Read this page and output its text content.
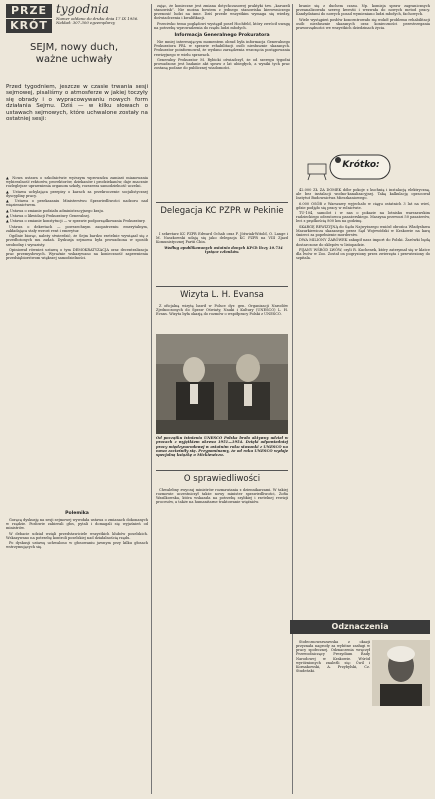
PRZE
KRÓT
tygodnia
Numer oddano do druku dnia 17 IX 1956. Nakład: 307.300 egzemplarzy
SEJM, nowy duch, ważne uchwały
Przed tygodniem, jeszcze w czasie trwania sesji sejmowej, pisaliśmy o atmosferze w jakiej toczyły się obrady i o wypracowywaniu nowych form działania Sejmu. Dziś — w kilku słowach o ustawach sejmowych, które uchwalone zostały na ostatniej sesji:

▲ Nowa ustawa o szkolnictwie wyższym wprowadza zamiast mianowania wybieralność rektorów, prorektorów, dziekanów i prodziekanów, daje znacznie rozleglejsze uprawnienia organom szkoły, rozszerza samodzielność uczelni.

▲ Ustawa uchylająca przepisy o karach za przekroczenie socjalistycznej dyscypliny pracy.

▲ Ustawa o przekazaniu Ministerstwu Sprawiedliwości nadzoru nad więziennictwem.

▲ Ustawa o zmianie podziału administracyjnego kraju.

▲ Ustawa o likwidacji Prokuratury Generalnej.

▲ Ustawa o zmianie konstytucji — w sprawie podporządkowania Prokuratury.

Ustawa o dekretach — powszechnym zaopatrzeniu emerytalnym, zakładająca stały wzrost rent i emerytur.

Ogólnie biorąc, należy stwierdzić, że Sejm bardzo rzetelnie wywiązał się z przedłożonych mu zadań. Dyskusja sejmowa była prowadzona w sposób swobodny i wyrazisty.

Opiniował również ustawę o tym DEMOKRATYZACJA oraz decentralizacja prac przemysłowych. Wyraźnie wskazywano na konieczność zapewnienia przedsiębiorstwom większej samodzielności.

Polemika

Gorącą dyskusję na sesji sejmowej wywołała ustawa o zmianach dokonanych w rządzie. Posłowie zabierali głos, pytali i domagali się wyjaśnień od ministrów.

W debacie udział wzięli przedstawiciele wszystkich klubów poselskich. Wskazywano na potrzebę kontroli poselskiej nad działalnością rządu.

Po dyskusji ustawę uchwalono w głosowaniu jawnym przy kilku głosach wstrzymujących się.

zając, że konieczne jest zmiana dotychczasowej praktyki tzw. „karuzeli stanowisk”. Nie można bowiem z jednego stanowiska kierowniczego przenosić ludzi na inne. Dziś przede wszystkim wymaga się wiedzy, doświadczenia i kwalifikacji.

Przeciwko temu poglądowi wystąpił poseł Hochfeld, który zwrócił uwagę na potrzebę wprowadzenia do rządu ludzi młodych.

Informacja Generalnego Prokuratora

Nie mniej interesującym momentem obrad była informacja Generalnego Prokuratora PRL w sprawie rehabilitacji osób niesłusznie skazanych. Prokurator poinformował, że wydano zarządzenia wszczęcia postępowania rewizyjnego w wielu sprawach.

Generalny Prokurator M. Rybicki oświadczył, że od szeregu tygodni prowadzone jest badanie akt spraw z lat ubiegłych, a wyniki tych prac zostaną podane do publicznej wiadomości.

Delegacja KC PZPR w Pekinie

I sekretarz KC PZPR Edward Ochab oraz F. Jóźwiak-Witold, O. Lange i M. Naszkowski udają się jako delegacja KC PZPR na VIII Zjazd Komunistycznej Partii Chin.

Według opublikowanych ostatnio danych KPCh liczy 10.734 tysiące członków.

Wizyta L. H. Evansa

Z oficjalną wizytą bawił w Polsce dyr. gen. Organizacji Narodów Zjednoczonych do Spraw Oświaty, Nauki i Kultury (UNESCO) L. H. Evans. Wizyta była okazją do rozmów o współpracy Polski z UNESCO.

Od początku istnienia UNESCO Polska brała aktywny udział w pracach z wyjątkiem okresu 1951—1954. Dzięki odpowiedniej pracy międzynarodowej w ostatnim roku stosunki z UNESCO na nowo zacieśniły się. Przypominamy, że od roku UNESCO wydaje specjalną książkę o Mickiewiczu.
O sprawiedliwości

Chwalebny zwyczaj ministrów rozmawiania z dziennikarzami. W takiej rozmowie uczestniczył także nowy minister sprawiedliwości, Zofia Wasilkowska, która wskazała na potrzebę szybkiej i rzetelnej rewizji procesów, a także na humanitarne traktowanie więźniów.

branie się z duchem czasu. Np. komisja spraw zagranicznych przeanalizowała szereg kwestii i wezwała do nowych metod pracy. Kandydatami do nowych posad wymieniano ludzi młodych, fachowych.

Wiele wystąpień posłów koncentrowało się wokół problemu rehabilitacji osób niesłusznie skazanych oraz konieczności przestrzegania praworządności we wszystkich dziedzinach życia.

Krótko:

42.000 ZŁ ZA DOMEK dóbr pokoje z kuchnią i instalacją elektryczną, ale bez instalacji wodno-kanalizacyjnej. Taką kalkulację opracował Instytut Budownictwa Mieszkaniowego.

6.000 OSÓB z Warszawy wyjechało w ciągu ostatnich 3 lat na wieś, gdzie podjęło się pracy w rolnictwie.

TU-104, samolot i w nas o pokazie na lotnisku warszawskim radzieckiego odrzutowca pasażerskiego. Maszyna przewozi 50 pasażerów, leci z prędkością 800 km na godzinę.

SKARGĘ REWIZYJNĄ do Sądu Najwyższego wniósł obrońca Władysława Mazurkiewicza skazanego przez Sąd Wojewódzki w Krakowie na karę śmierci za popełnienie morderstw.

DWA MILIONY ŻARÓWEK zakupił nasz import do Polski. Żarówki będą dostarczone do sklepów w listopadzie.

PIJANY WŚRÓD LWÓW, czyli R. Kuchenek, który zatrzymał się w klatce dla lwów w Zoo. Został on pogryziony przez zwierzęta i przewieziony do szpitala.

Odznaczenia

Stołecznowarszawska z okazji przyznała nagrody za wybitne zasługi w pracy społecznej. Odznaczenia wręczył Przewodniczący Prezydium Rady Narodowej w Krakowie. Wśród wyróżnionych znaleźli się: Ćwil i Kornakowski, A. Przybylski, Cz. Studeński.
